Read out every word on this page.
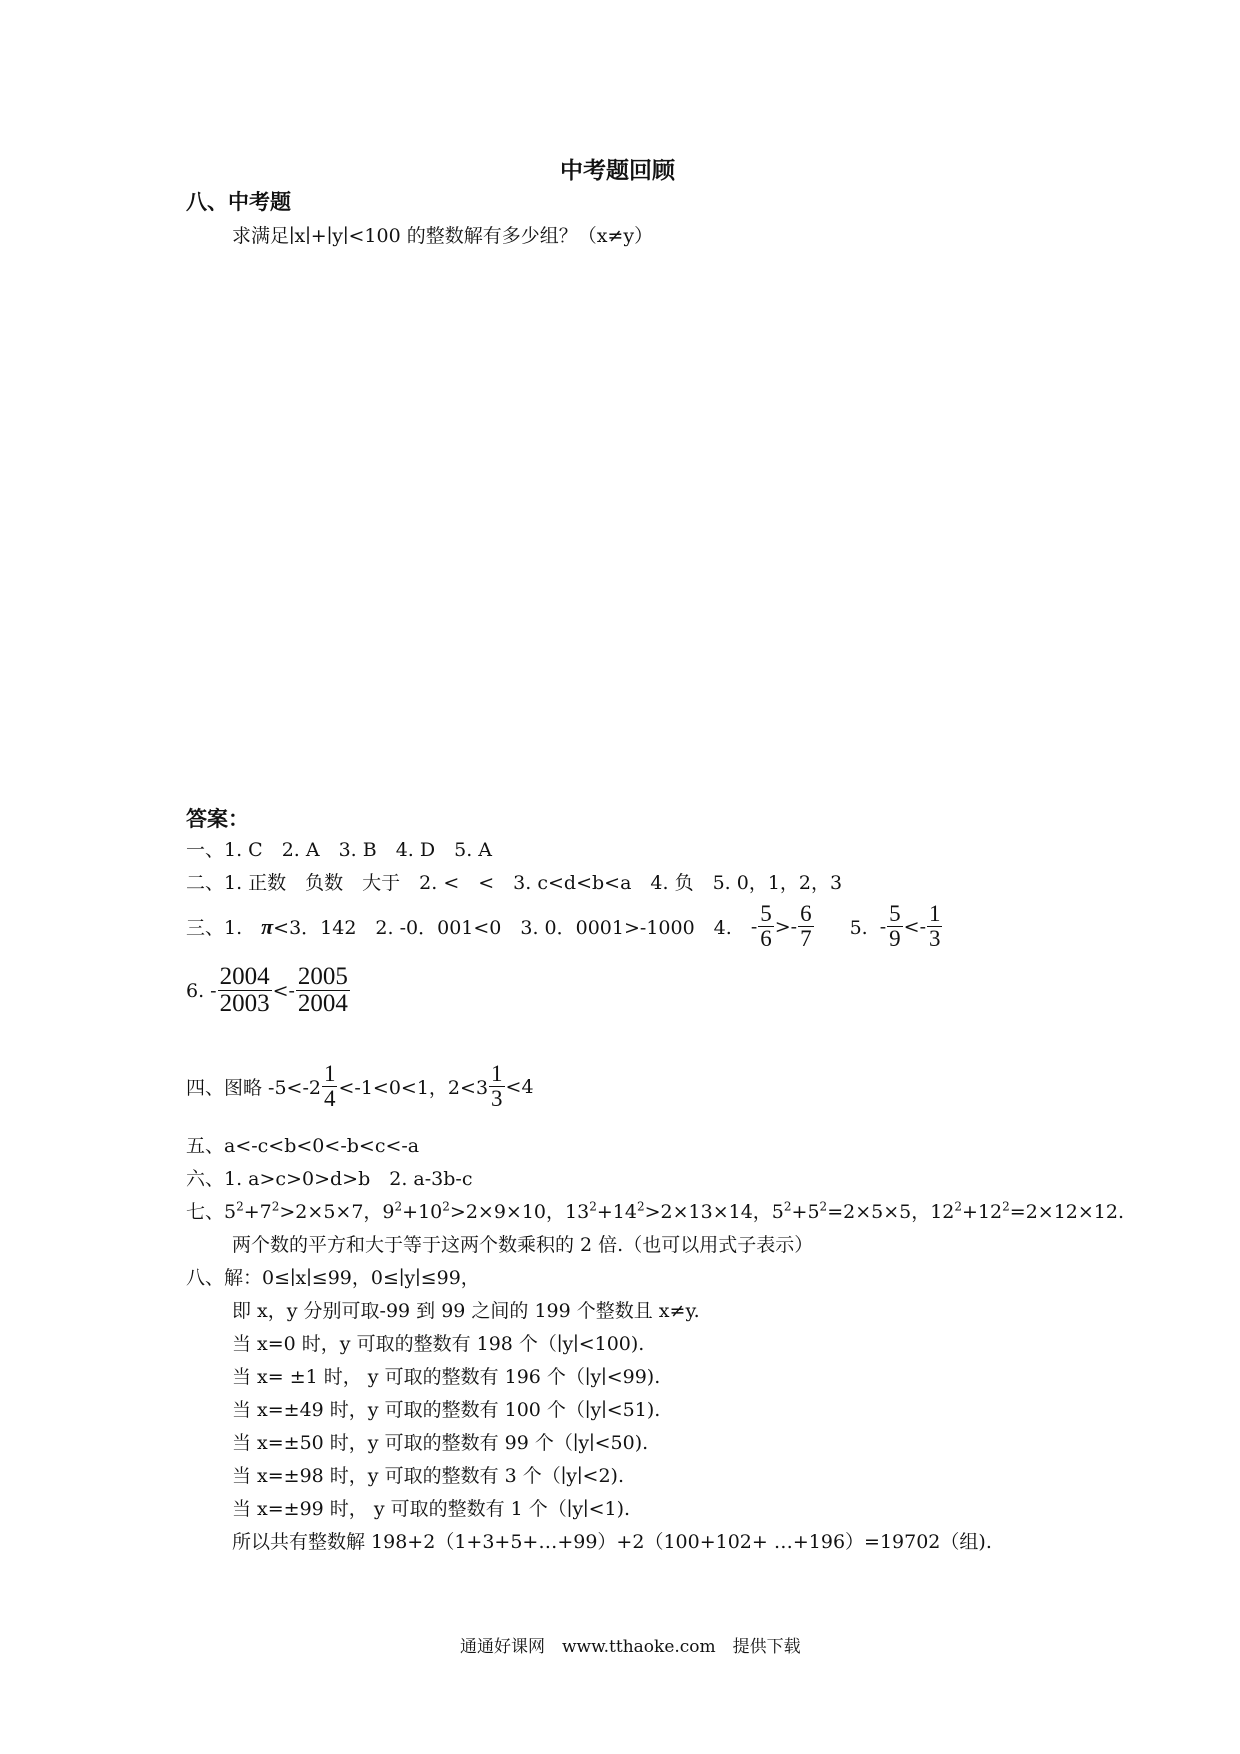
中考题回顾
八、中考题
求满足∣x∣+∣y∣<100 的整数解有多少组？（x≠y）
答案：
一、1. C　2. A　3. B　4. D　5. A
二、1. 正数　负数　大于　2. <　<　3. c<d<b<a　4. 负　5. 0，1，2，3
三、1.　 π <3．142　2. -0．001<0　3. 0．0001>-1000　4.　 - $\frac{5}{6}$ > - $\frac{6}{7}$ 　5. - $\frac{5}{9}$ < - $\frac{1}{3}$
6. - $\frac{2004}{2003}$ < - $\frac{2005}{2004}$
四、图略 $-5<-2 \frac{1}{4} <-1<0<1$，$2<3 \frac{1}{3} <4$
五、a<-c<b<0<-b<c<-a
六、1. a>c>0>d>b　2. a-3b-c
七、$5^2+7^2>2\times 5\times 7$，$9^2+10^2>2\times 9\times 10$，$13^2+14^2>2\times 13\times 14$，$5^2+5^2=2\times 5\times 5$，$12^2+12^2=2\times 12\times 12$.
两个数的平方和大于等于这两个数乘积的 2 倍.（也可以用式子表示）
八、解：0≤∣x∣≤99，0≤∣y∣≤99，
即 x，y 分别可取-99 到 99 之间的 199 个整数且 x≠y.
当 x=0 时，y 可取的整数有 198 个（∣y∣<100).
当 x= ±1 时， y 可取的整数有 196 个（∣y∣<99).
当 x=±49 时，y 可取的整数有 100 个（∣y∣<51).
当 x=±50 时，y 可取的整数有 99 个（∣y∣<50).
当 x=±98 时，y 可取的整数有 3 个（∣y∣<2).
当 x=±99 时， y 可取的整数有 1 个（∣y∣<1).
所以共有整数解 198+2（1+3+5+…+99）+2（100+102+ …+196）=19702（组).
通通好课网　www.tthaoke.com　提供下载
